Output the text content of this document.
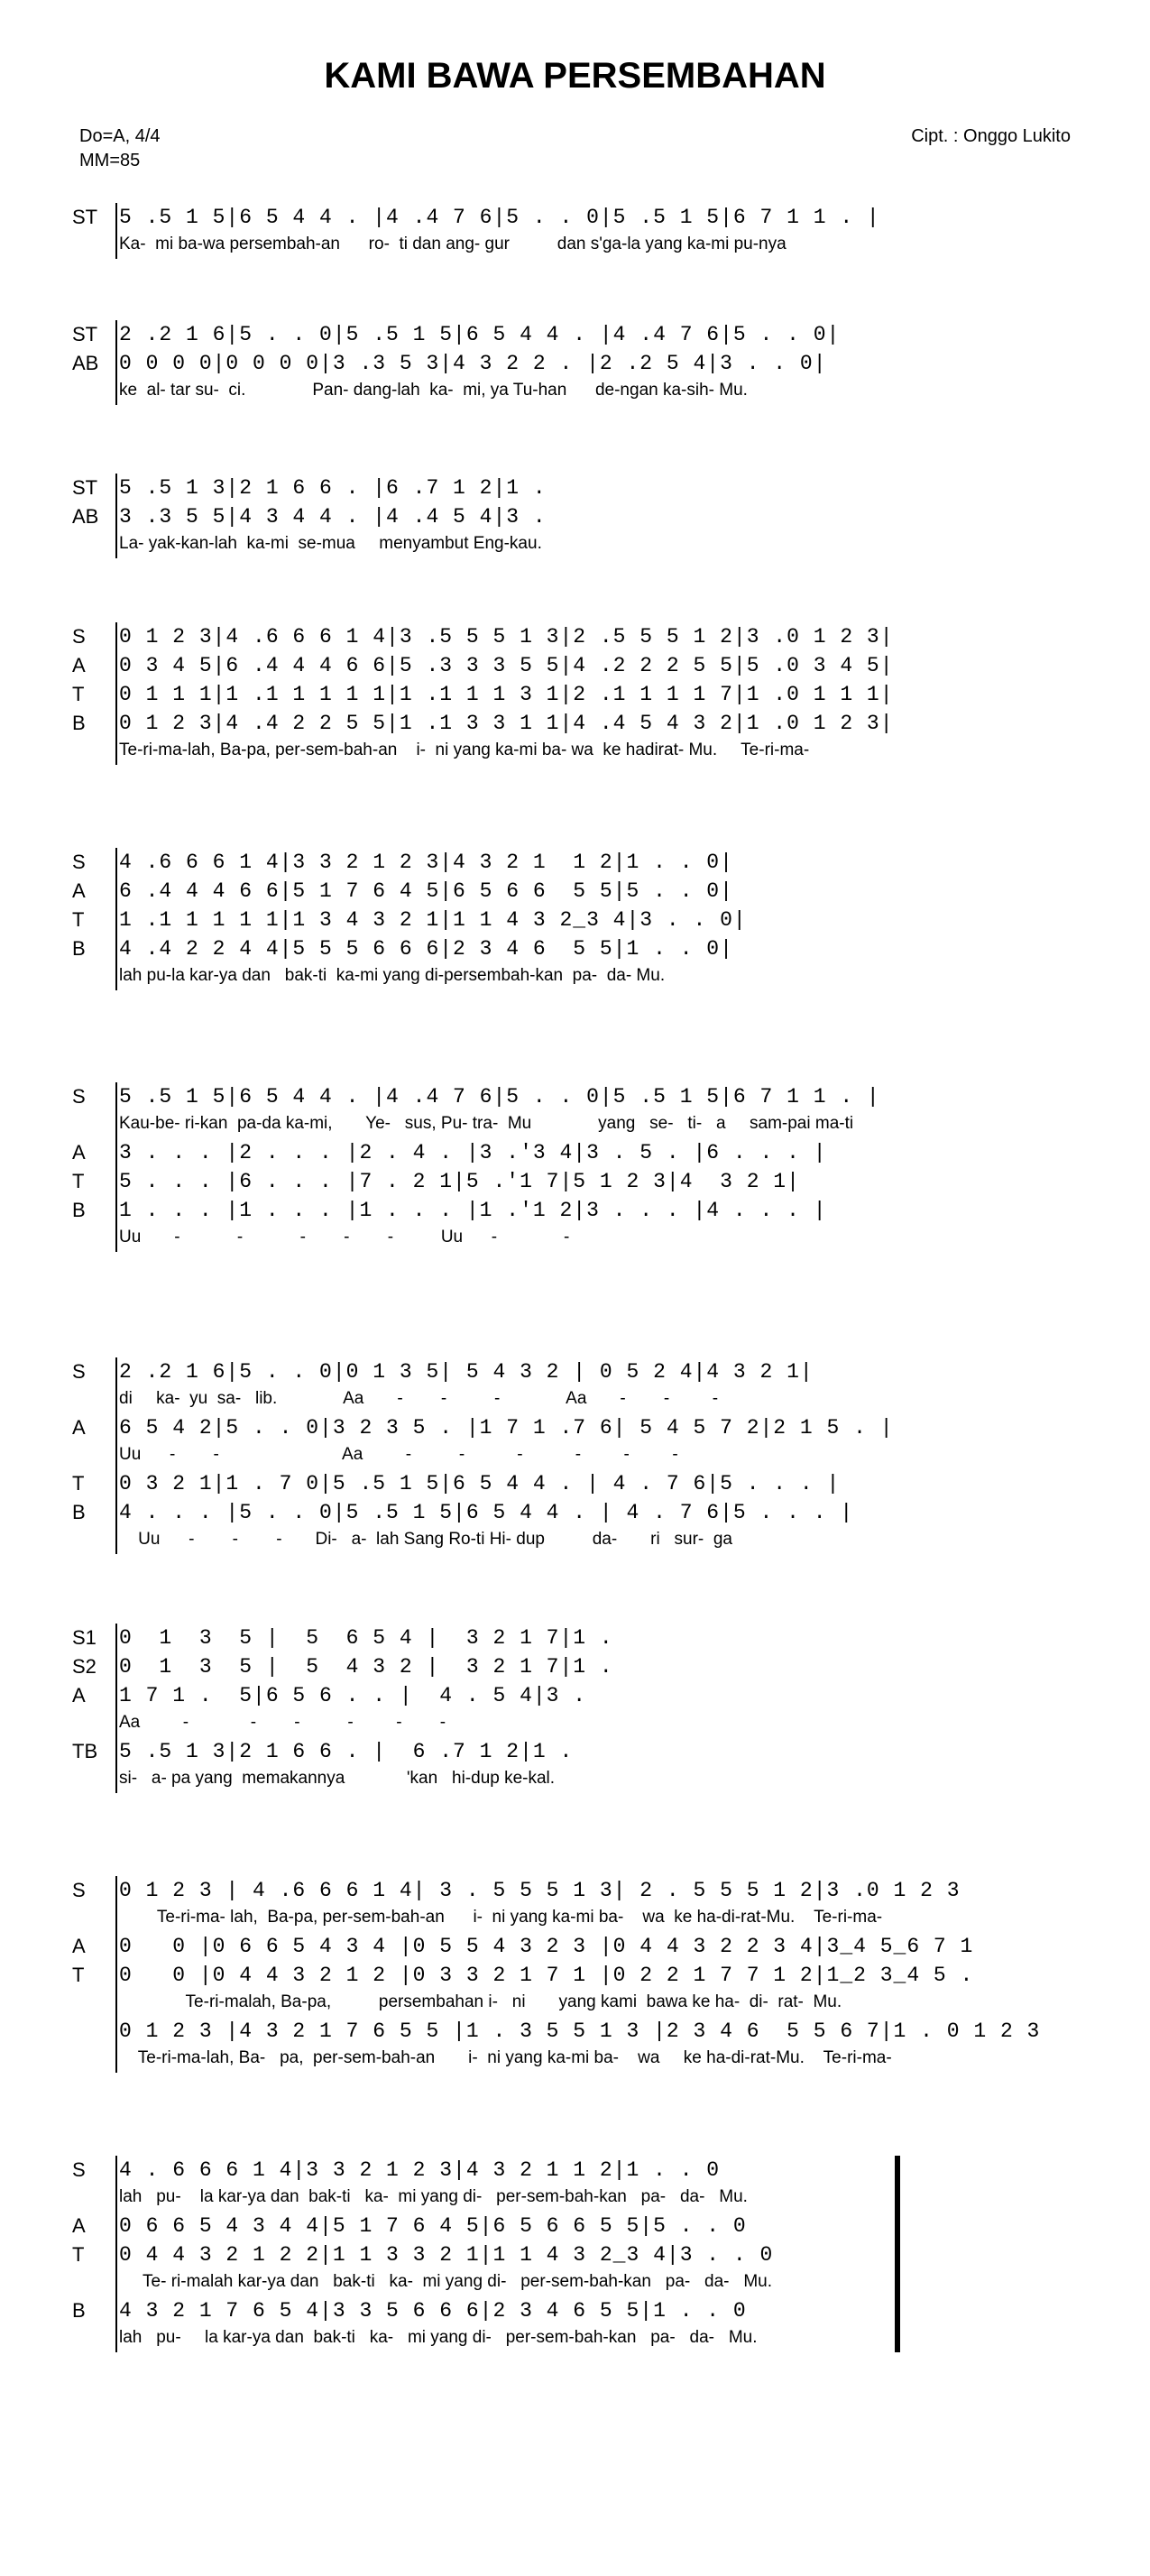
KAMI BAWA PERSEMBAHAN
Do=A, 4/4
MM=85
Cipt. : Onggo Lukito
ST	5 .5 1 5|6 5 4 4 . |4 .4 7 6|5 . . 0|5 .5 1 5|6 7 1 1 . |
Ka-  mi ba-wa persembah-an      ro-  ti dan ang- gur          dan s'ga-la yang ka-mi pu-nya
ST	2 .2 1 6|5 . . 0|5 .5 1 5|6 5 4 4 . |4 .4 7 6|5 . . 0|
AB 0 0 0 0|0 0 0 0|3 .3 5 3|4 3 2 2 . |2 .2 5 4|3 . . 0|
ke  al- tar su-  ci.              Pan- dang-lah  ka-  mi, ya Tu-han      de-ngan ka-sih- Mu.
ST	5 .5 1 3|2 1 6 6 . |6 .7 1 2|1 .
AB 3 .3 5 5|4 3 4 4 . |4 .4 5 4|3 .
La- yak-kan-lah  ka-mi  se-mua     menyambut Eng-kau.
S	0 1 2 3|4 .6 6 6 1 4|3 .5 5 5 1 3|2 .5 5 5 1 2|3 .0 1 2 3|
A	0 3 4 5|6 .4 4 4 6 6|5 .3 3 3 5 5|4 .2 2 2 5 5|5 .0 3 4 5|
T	0 1 1 1|1 .1 1 1 1 1|1 .1 1 1 3 1|2 .1 1 1 1 7|1 .0 1 1 1|
B	0 1 2 3|4 .4 2 2 5 5|1 .1 3 3 1 1|4 .4 5 4 3 2|1 .0 1 2 3|
Te-ri-ma-lah, Ba-pa, per-sem-bah-an    i-  ni yang ka-mi ba- wa  ke hadirat- Mu.     Te-ri-ma-
S	4 .6 6 6 1 4|3 3 2 1 2 3|4 3 2 1  1 2|1 . . 0|
A	6 .4 4 4 6 6|5 1 7 6 4 5|6 5 6 6  5 5|5 . . 0|
T	1 .1 1 1 1 1|1 3 4 3 2 1|1 1 4 3 2_3 4|3 . . 0|
B	4 .4 2 2 4 4|5 5 5 6 6 6|2 3 4 6  5 5|1 . . 0|
lah pu-la kar-ya dan   bak-ti  ka-mi yang di-persembah-kan  pa-  da- Mu.
S	5 .5 1 5|6 5 4 4 . |4 .4 7 6|5 . . 0|5 .5 1 5|6 7 1 1 . |
Kau-be- ri-kan  pa-da ka-mi,       Ye-   sus, Pu- tra-  Mu              yang   se-   ti-   a     sam-pai ma-ti
A	3 . . . |2 . . . |2 . 4 . |3 .'3 4|3 . 5 . |6 . . . |
T	5 . . . |6 . . . |7 . 2 1|5 .'1 7|5 1 2 3|4  3 2 1|
B	1 . . . |1 . . . |1 . . . |1 .'1 2|3 . . . |4 . . . |
Uu       -            -            -        -        -          Uu      -              -
S	2 .2 1 6|5 . . 0|0 1 3 5| 5 4 3 2 | 0 5 2 4|4 3 2 1|
di     ka-  yu  sa-   lib.              Aa       -        -          -              Aa       -        -         -
A	6 5 4 2|5 . . 0|3 2 3 5 . |1 7 1 .7 6| 5 4 5 7 2|2 1 5 . |
Uu      -        -                          Aa         -          -           -           -         -         -
T	0 3 2 1|1 . 7 0|5 .5 1 5|6 5 4 4 . | 4 . 7 6|5 . . . |
B	4 . . . |5 . . 0|5 .5 1 5|6 5 4 4 . | 4 . 7 6|5 . . . |
Uu      -        -        -       Di-   a-  lah Sang Ro-ti Hi- dup          da-       ri   sur-  ga
S1	0  1  3  5 |  5  6 5 4 |  3 2 1 7|1 .
S2	0  1  3  5 |  5  4 3 2 |  3 2 1 7|1 .
A	1 7 1 .  5|6 5 6 . . |  4 . 5 4|3 .
Aa         -             -        -          -         -        -
TB	5 .5 1 3|2 1 6 6 . |  6 .7 1 2|1 .
si-   a- pa yang  memakannya             'kan   hi-dup ke-kal.
S	0 1 2 3 | 4 .6 6 6 1 4| 3 . 5 5 5 1 3| 2 . 5 5 5 1 2|3 .0 1 2 3
Te-ri-ma- lah,  Ba-pa, per-sem-bah-an      i-  ni yang ka-mi ba-    wa  ke ha-di-rat-Mu.    Te-ri-ma-
A	0   0 |0 6 6 5 4 3 4 |0 5 5 4 3 2 3 |0 4 4 3 2 2 3 4|3_4 5_6 7 1
T	0   0 |0 4 4 3 2 1 2 |0 3 3 2 1 7 1 |0 2 2 1 7 7 1 2|1_2 3_4 5 .
Te-ri-malah, Ba-pa,          persembahan i-   ni       yang kami  bawa ke ha-  di-  rat-  Mu.
0 1 2 3 |4 3 2 1 7 6 5 5 |1 . 3 5 5 1 3 |2 3 4 6  5 5 6 7|1 . 0 1 2 3
Te-ri-ma-lah, Ba-   pa,  per-sem-bah-an       i-  ni yang ka-mi ba-    wa     ke ha-di-rat-Mu.    Te-ri-ma-
S	4 . 6 6 6 1 4|3 3 2 1 2 3|4 3 2 1 1 2|1 . . 0
lah   pu-    la kar-ya dan  bak-ti   ka-  mi yang di-   per-sem-bah-kan   pa-   da-   Mu.
A	0 6 6 5 4 3 4 4|5 1 7 6 4 5|6 5 6 6 5 5|5 . . 0
T	0 4 4 3 2 1 2 2|1 1 3 3 2 1|1 1 4 3 2_3 4|3 . . 0
Te- ri-malah kar-ya dan   bak-ti   ka-  mi yang di-   per-sem-bah-kan   pa-   da-   Mu.
B	4 3 2 1 7 6 5 4|3 3 5 6 6 6|2 3 4 6 5 5|1 . . 0
lah   pu-     la kar-ya dan  bak-ti   ka-   mi yang di-   per-sem-bah-kan   pa-   da-   Mu.
